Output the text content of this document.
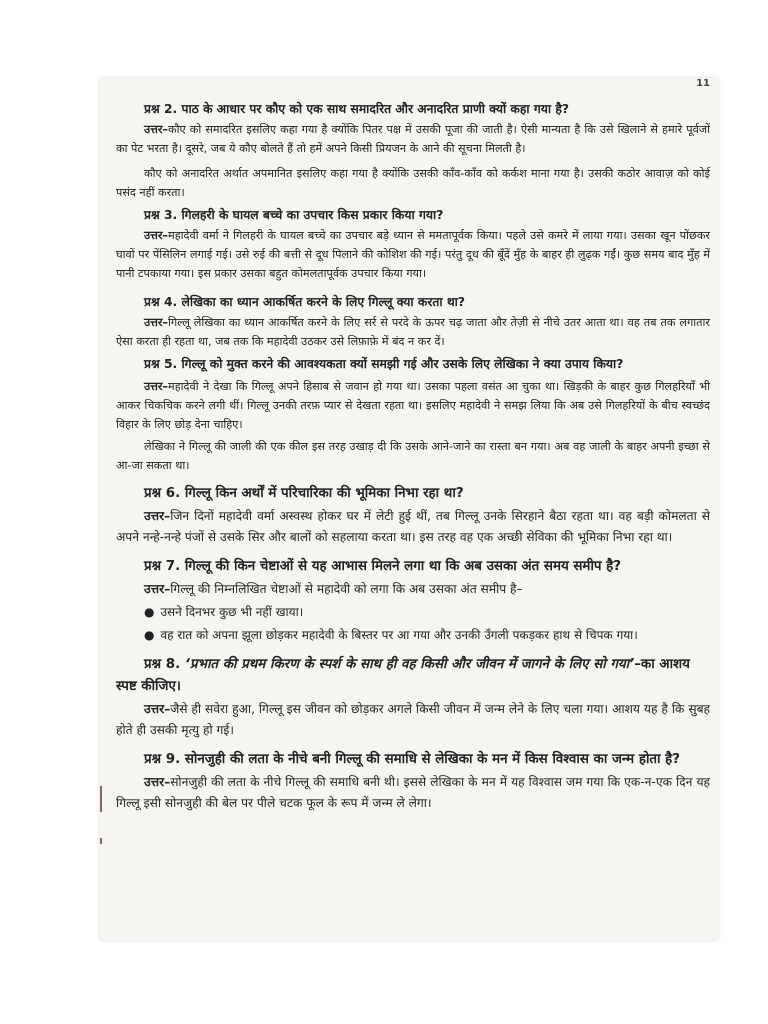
11
प्रश्न 2. पाठ के आधार पर कौए को एक साथ समादरित और अनादरित प्राणी क्यों कहा गया है?

उत्तर–कौए को समादरित इसलिए कहा गया है क्योंकि पितर पक्ष में उसकी पूजा की जाती है। ऐसी मान्यता है कि उसे खिलाने से हमारे पूर्वजों का पेट भरता है। दूसरे, जब ये कौए बोलते हैं तो हमें अपने किसी प्रियजन के आने की सूचना मिलती है।

कौए को अनादरित अर्थात अपमानित इसलिए कहा गया है क्योंकि उसकी काँव-काँव को कर्कश माना गया है। उसकी कठोर आवाज़ को कोई पसंद नहीं करता।

प्रश्न 3. गिलहरी के घायल बच्चे का उपचार किस प्रकार किया गया?

उत्तर–महादेवी वर्मा ने गिलहरी के घायल बच्चे का उपचार बड़े ध्यान से ममतापूर्वक किया। पहले उसे कमरे में लाया गया। उसका खून पोंछकर घावों पर पेंसिलिन लगाई गई। उसे रुई की बत्ती से दूध पिलाने की कोशिश की गई। परंतु दूध की बूँदें मुँह के बाहर ही लुढ़क गईं। कुछ समय बाद मुँह में पानी टपकाया गया। इस प्रकार उसका बहुत कोमलतापूर्वक उपचार किया गया।

प्रश्न 4. लेखिका का ध्यान आकर्षित करने के लिए गिल्लू क्या करता था?

उत्तर–गिल्लू लेखिका का ध्यान आकर्षित करने के लिए सर्र से परदे के ऊपर चढ़ जाता और तेज़ी से नीचे उतर आता था। वह तब तक लगातार ऐसा करता ही रहता था, जब तक कि महादेवी उठकर उसे लिफ़ाफ़े में बंद न कर दें।

प्रश्न 5. गिल्लू को मुक्त करने की आवश्यकता क्यों समझी गई और उसके लिए लेखिका ने क्या उपाय किया?

उत्तर–महादेवी ने देखा कि गिल्लू अपने हिसाब से जवान हो गया था। उसका पहला वसंत आ चुका था। खिड़की के बाहर कुछ गिलहरियाँ भी आकर चिकचिक करने लगी थीं। गिल्लू उनकी तरफ़ प्यार से देखता रहता था। इसलिए महादेवी ने समझ लिया कि अब उसे गिलहरियों के बीच स्वच्छंद विहार के लिए छोड़ देना चाहिए।

लेखिका ने गिल्लू की जाली की एक कील इस तरह उखाड़ दी कि उसके आने-जाने का रास्ता बन गया। अब वह जाली के बाहर अपनी इच्छा से आ-जा सकता था।

प्रश्न 6. गिल्लू किन अर्थों में परिचारिका की भूमिका निभा रहा था?

उत्तर–जिन दिनों महादेवी वर्मा अस्वस्थ होकर घर में लेटी हुई थीं, तब गिल्लू उनके सिरहाने बैठा रहता था। वह बड़ी कोमलता से अपने नन्हे-नन्हे पंजों से उसके सिर और बालों को सहलाया करता था। इस तरह वह एक अच्छी सेविका की भूमिका निभा रहा था।

प्रश्न 7. गिल्लू की किन चेष्टाओं से यह आभास मिलने लगा था कि अब उसका अंत समय समीप है?

उत्तर–गिल्लू की निम्नलिखित चेष्टाओं से महादेवी को लगा कि अब उसका अंत समीप है–

● उसने दिनभर कुछ भी नहीं खाया।
● वह रात को अपना झूला छोड़कर महादेवी के बिस्तर पर आ गया और उनकी उँगली पकड़कर हाथ से चिपक गया।
प्रश्न 8. ‘प्रभात की प्रथम किरण के स्पर्श के साथ ही वह किसी और जीवन में जागने के लिए सो गया’–का आशय स्पष्ट कीजिए।

उत्तर–जैसे ही सवेरा हुआ, गिल्लू इस जीवन को छोड़कर अगले किसी जीवन में जन्म लेने के लिए चला गया। आशय यह है कि सुबह होते ही उसकी मृत्यु हो गई।

प्रश्न 9. सोनजुही की लता के नीचे बनी गिल्लू की समाधि से लेखिका के मन में किस विश्वास का जन्म होता है?

उत्तर–सोनजुही की लता के नीचे गिल्लू की समाधि बनी थी। इससे लेखिका के मन में यह विश्वास जम गया कि एक-न-एक दिन यह गिल्लू इसी सोनजुही की बेल पर पीले चटक फूल के रूप में जन्म ले लेगा।
